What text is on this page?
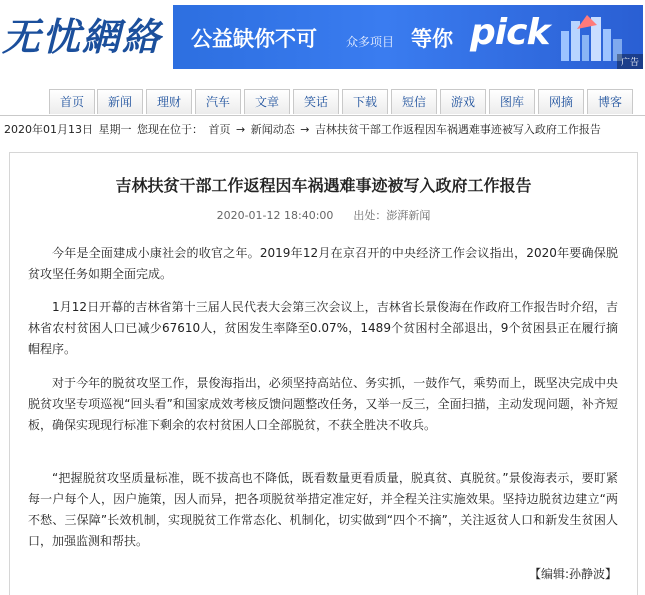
无忧網絡	公益缺你不可 众多项目 等你 pick
广告
首页	新闻	理财	汽车	文章	笑话	下载	短信	游戏	图库	网摘	博客
2020年01月13日 星期一 您现在位于： 首页 → 新闻动态 → 吉林扶贫干部工作返程因车祸遇难事迹被写入政府工作报告
吉林扶贫干部工作返程因车祸遇难事迹被写入政府工作报告
2020-01-12 18:40:00 出处：澎湃新闻
今年是全面建成小康社会的收官之年。2019年12月在京召开的中央经济工作会议指出，2020年要确保脱贫攻坚任务如期全面完成。
1月12日开幕的吉林省第十三届人民代表大会第三次会议上，吉林省长景俊海在作政府工作报告时介绍，吉林省农村贫困人口已减少67610人，贫困发生率降至0.07%，1489个贫困村全部退出，9个贫困县正在履行摘帽程序。
对于今年的脱贫攻坚工作，景俊海指出，必须坚持高站位、务实抓，一鼓作气，乘势而上，既坚决完成中央脱贫攻坚专项巡视“回头看”和国家成效考核反馈问题整改任务，又举一反三，全面扫描，主动发现问题，补齐短板，确保实现现行标准下剩余的农村贫困人口全部脱贫，不获全胜决不收兵。
“把握脱贫攻坚质量标准，既不拔高也不降低，既看数量更看质量，脱真贫、真脱贫。”景俊海表示，要盯紧每一户每个人，因户施策，因人而异，把各项脱贫举措定准定好，并全程关注实施效果。坚持边脱贫边建立“两不愁、三保障”长效机制，实现脱贫工作常态化、机制化，切实做到“四个不摘”，关注返贫人口和新发生贫困人口，加强监测和帮扶。
【编辑:孙静波】
